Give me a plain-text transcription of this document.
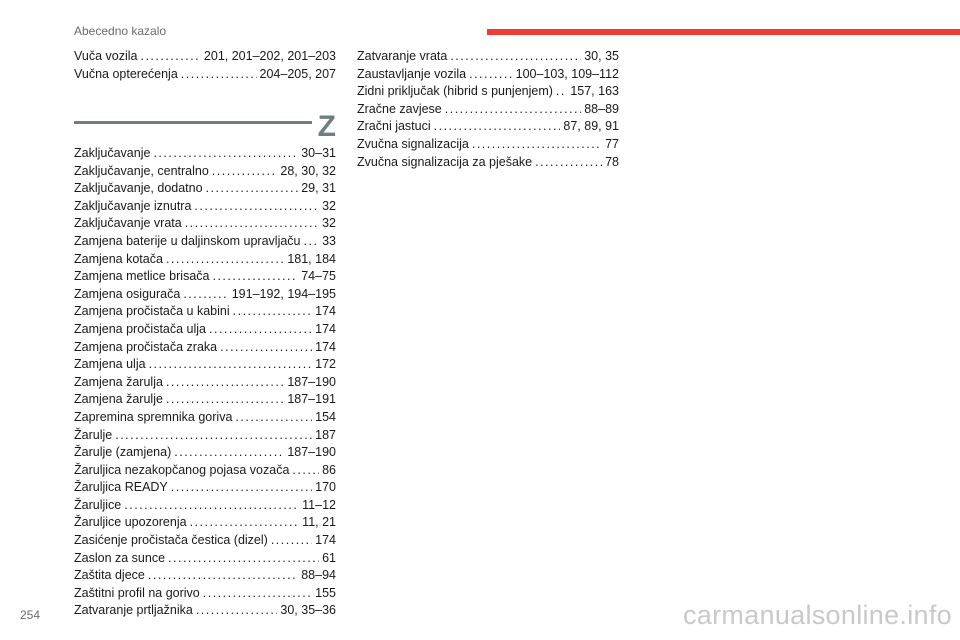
Abecedno kazalo
Vuča vozila .....	201, 201–202, 201–203
Vučna opterećenja .....	204–205, 207
Z
Zaključavanje .....	30–31
Zaključavanje, centralno .....	28, 30, 32
Zaključavanje, dodatno .....	29, 31
Zaključavanje iznutra .....	32
Zaključavanje vrata .....	32
Zamjena baterije u daljinskom upravljaču ..... 33
Zamjena kotača .....	181, 184
Zamjena metlice brisača .....	74–75
Zamjena osigurača .....	191–192, 194–195
Zamjena pročistača u kabini .....	174
Zamjena pročistača ulja .....	174
Zamjena pročistača zraka .....	174
Zamjena ulja .....	172
Zamjena žarulja .....	187–190
Zamjena žarulje .....	187–191
Zapremina spremnika goriva .....	154
Žarulje .....	187
Žarulje (zamjena) .....	187–190
Žaruljica nezakopčanog pojasa vozača .....	86
Žaruljica READY .....	170
Žaruljice .....	11–12
Žaruljice upozorenja .....	11, 21
Zasićenje pročistača čestica (dizel) .....	174
Zaslon za sunce .....	61
Zaštita djece .....	88–94
Zaštitni profil na gorivo .....	155
Zatvaranje prtljažnika .....	30, 35–36
Zatvaranje vrata .....	30, 35
Zaustavljanje vozila .....	100–103, 109–112
Zidni priključak (hibrid s punjenjem) ..... 157, 163
Zračne zavjese .....	88–89
Zračni jastuci .....	87, 89, 91
Zvučna signalizacija .....	77
Zvučna signalizacija za pješake .....	78
254	carmanualsonline.info
